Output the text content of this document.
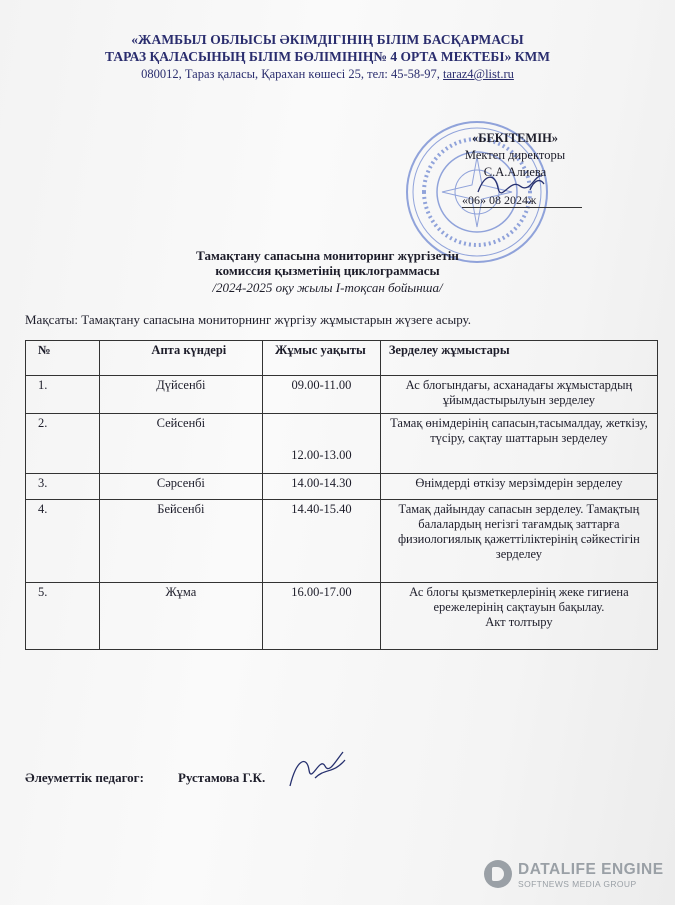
«ЖАМБЫЛ ОБЛЫСЫ ӘКІМДІГІНІҢ БІЛІМ БАСҚАРМАСЫ
ТАРАЗ ҚАЛАСЫНЫҢ БІЛІМ БӨЛІМІНІҢ№ 4 ОРТА МЕКТЕБІ» КММ
080012, Тараз қаласы, Қарахан көшесі 25, тел: 45-58-97, taraz4@list.ru
«БЕКІТЕМІН»
Мектеп директоры
С.А.Алиева
«06» 08 2024ж
Тамақтану сапасына мониторинг жүргізетін
комиссия қызметінің циклограммасы
/2024-2025 оқу жылы І-тоқсан бойынша/
Мақсаты: Тамақтану сапасына мониторнинг жүргізу жұмыстарын жүзеге асыру.
№	Апта күндері	Жұмыс уақыты	Зерделеу жұмыстары
1.	Дүйсенбі	09.00-11.00	Ас блогындағы, асханадағы жұмыстардың ұйымдастырылуын зерделеу
2.	Сейсенбі	12.00-13.00	Тамақ өнімдерінің сапасын,тасымалдау, жеткізу, түсіру, сақтау шаттарын зерделеу
3.	Сәрсенбі	14.00-14.30	Өнімдерді өткізу мерзімдерін зерделеу
4.	Бейсенбі	14.40-15.40	Тамақ дайындау сапасын зерделеу. Тамақтың балалардың негізгі тағамдық заттарға физиологиялық қажеттіліктерінің сәйкестігін зерделеу
5.	Жұма	16.00-17.00	Ас блогы қызметкерлерінің жеке гигиена ережелерінің сақтауын бақылау.
Акт толтыру
Әлеуметтік педагог:	Рустамова Г.К.
DATALIFE ENGINE
SOFTNEWS MEDIA GROUP
